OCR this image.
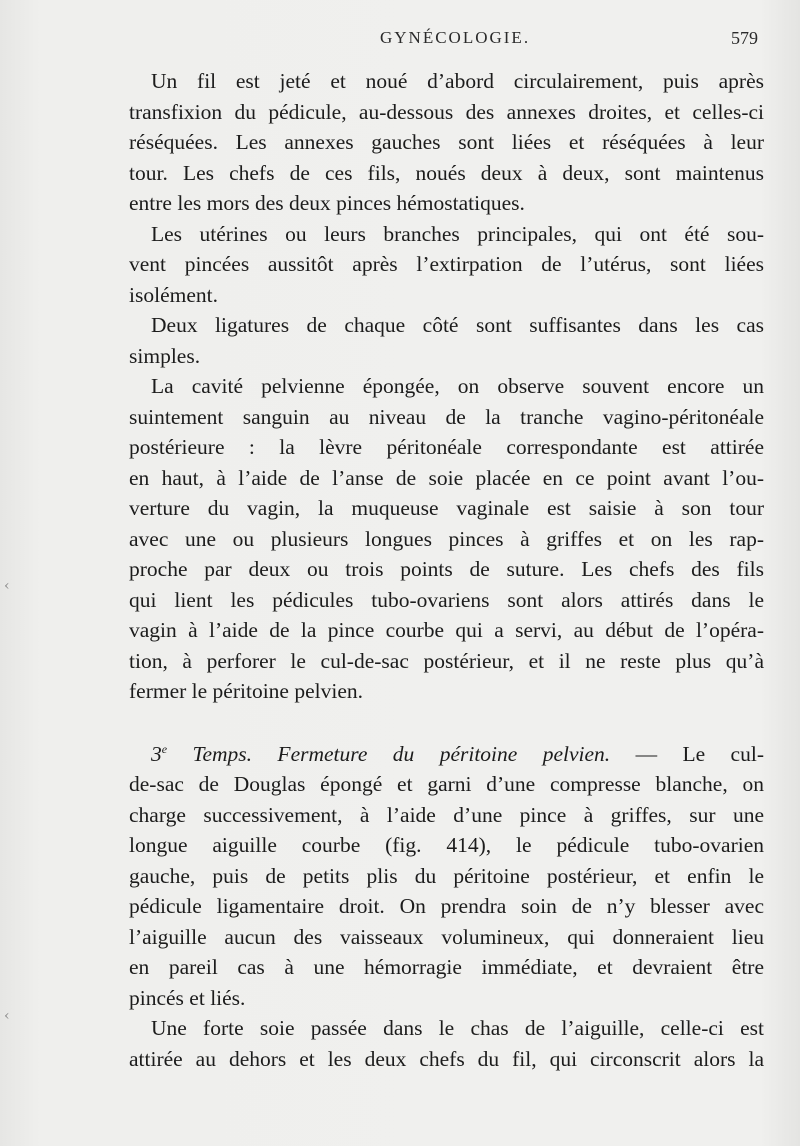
GYNÉCOLOGIE.	579
Un fil est jeté et noué d’abord circulairement, puis après
transfixion du pédicule, au-dessous des annexes droites, et celles-ci
réséquées. Les annexes gauches sont liées et réséquées à leur
tour. Les chefs de ces fils, noués deux à deux, sont maintenus
entre les mors des deux pinces hémostatiques.
Les utérines ou leurs branches principales, qui ont été sou-
vent pincées aussitôt après l’extirpation de l’utérus, sont liées
isolément.
Deux ligatures de chaque côté sont suffisantes dans les cas
simples.
La cavité pelvienne épongée, on observe souvent encore un
suintement sanguin au niveau de la tranche vagino-péritonéale
postérieure : la lèvre péritonéale correspondante est attirée
en haut, à l’aide de l’anse de soie placée en ce point avant l’ou-
verture du vagin, la muqueuse vaginale est saisie à son tour
avec une ou plusieurs longues pinces à griffes et on les rap-
proche par deux ou trois points de suture. Les chefs des fils
qui lient les pédicules tubo-ovariens sont alors attirés dans le
vagin à l’aide de la pince courbe qui a servi, au début de l’opéra-
tion, à perforer le cul-de-sac postérieur, et il ne reste plus qu’à
fermer le péritoine pelvien.
3e Temps. Fermeture du péritoine pelvien. — Le cul-
de-sac de Douglas épongé et garni d’une compresse blanche, on
charge successivement, à l’aide d’une pince à griffes, sur une
longue aiguille courbe (fig. 414), le pédicule tubo-ovarien
gauche, puis de petits plis du péritoine postérieur, et enfin le
pédicule ligamentaire droit. On prendra soin de n’y blesser avec
l’aiguille aucun des vaisseaux volumineux, qui donneraient lieu
en pareil cas à une hémorragie immédiate, et devraient être
pincés et liés.
Une forte soie passée dans le chas de l’aiguille, celle-ci est
attirée au dehors et les deux chefs du fil, qui circonscrit alors la
‹
‹
